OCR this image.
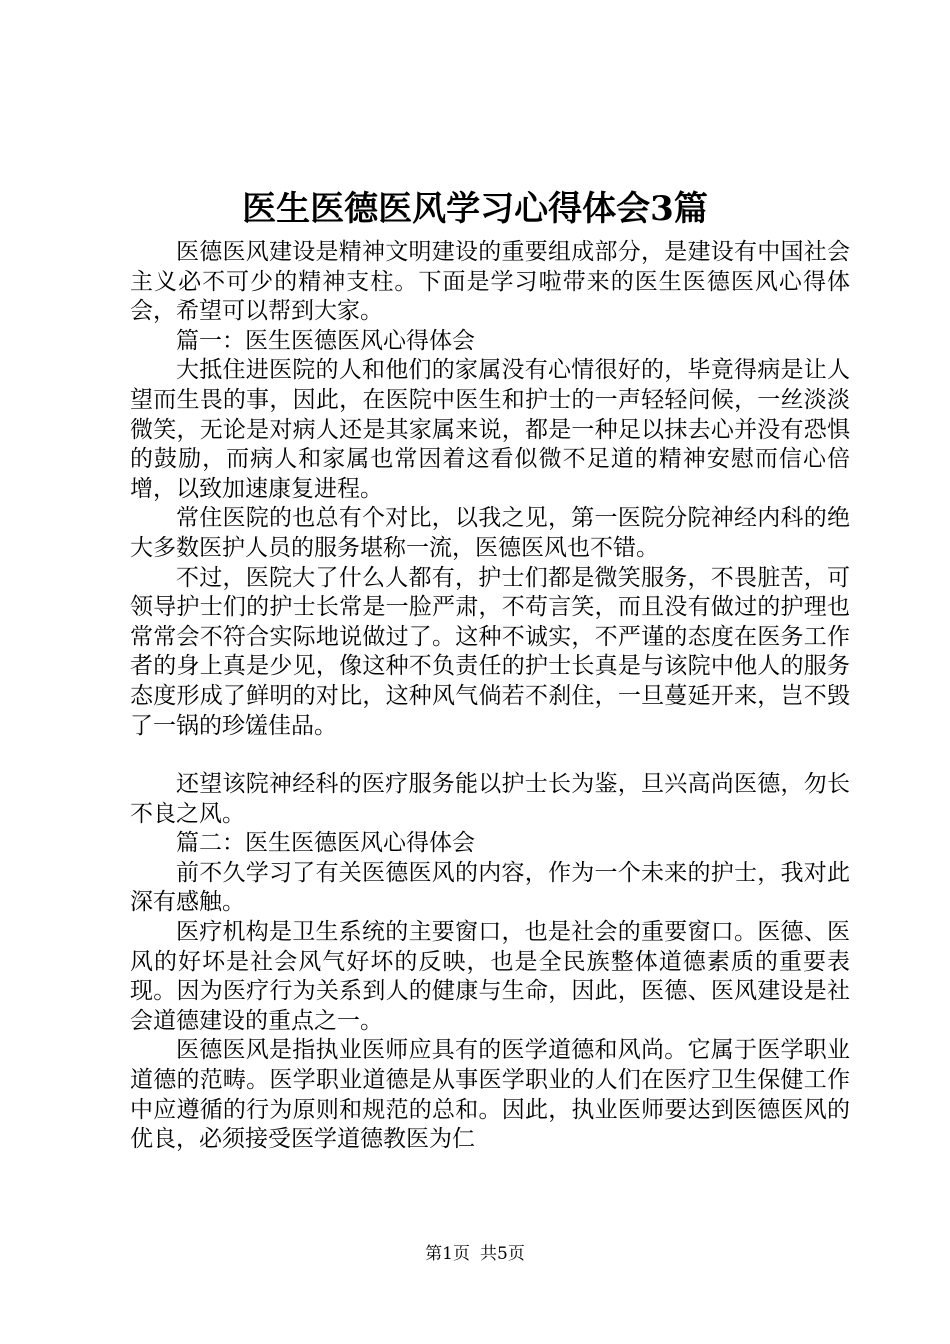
医生医德医风学习心得体会3篇

医德医风建设是精神文明建设的重要组成部分，是建设有中国社会主义必不可少的精神支柱。下面是学习啦带来的医生医德医风心得体会，希望可以帮到大家。

篇一：医生医德医风心得体会

大抵住进医院的人和他们的家属没有心情很好的，毕竟得病是让人望而生畏的事，因此，在医院中医生和护士的一声轻轻问候，一丝淡淡微笑，无论是对病人还是其家属来说，都是一种足以抹去心并没有恐惧的鼓励，而病人和家属也常因着这看似微不足道的精神安慰而信心倍增，以致加速康复进程。

常住医院的也总有个对比，以我之见，第一医院分院神经内科的绝大多数医护人员的服务堪称一流，医德医风也不错。

不过，医院大了什么人都有，护士们都是微笑服务，不畏脏苦，可领导护士们的护士长常是一脸严肃，不苟言笑，而且没有做过的护理也常常会不符合实际地说做过了。这种不诚实，不严谨的态度在医务工作者的身上真是少见，像这种不负责任的护士长真是与该院中他人的服务态度形成了鲜明的对比，这种风气倘若不刹住，一旦蔓延开来，岂不毁了一锅的珍馐佳品。

还望该院神经科的医疗服务能以护士长为鉴，旦兴高尚医德，勿长不良之风。

篇二：医生医德医风心得体会

前不久学习了有关医德医风的内容，作为一个未来的护士，我对此深有感触。

医疗机构是卫生系统的主要窗口，也是社会的重要窗口。医德、医风的好坏是社会风气好坏的反映，也是全民族整体道德素质的重要表现。因为医疗行为关系到人的健康与生命，因此，医德、医风建设是社会道德建设的重点之一。

医德医风是指执业医师应具有的医学道德和风尚。它属于医学职业道德的范畴。医学职业道德是从事医学职业的人们在医疗卫生保健工作中应遵循的行为原则和规范的总和。因此，执业医师要达到医德医风的优良，必须接受医学道德教医为仁

第1页 共5页
